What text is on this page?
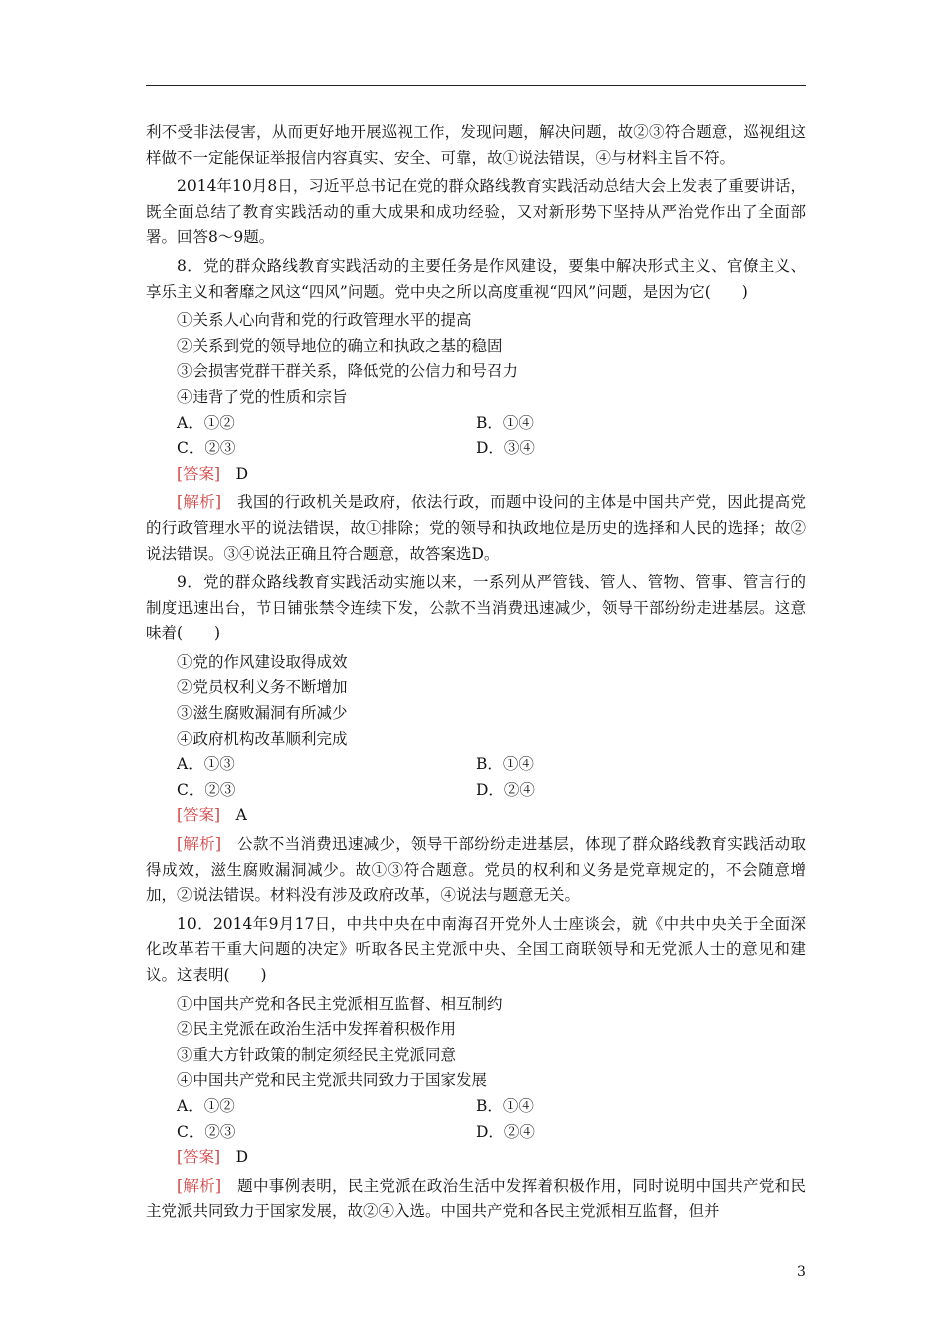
利不受非法侵害，从而更好地开展巡视工作，发现问题，解决问题，故②③符合题意，巡视组这样做不一定能保证举报信内容真实、安全、可靠，故①说法错误，④与材料主旨不符。

2014年10月8日，习近平总书记在党的群众路线教育实践活动总结大会上发表了重要讲话，既全面总结了教育实践活动的重大成果和成功经验，又对新形势下坚持从严治党作出了全面部署。回答8～9题。

8．党的群众路线教育实践活动的主要任务是作风建设，要集中解决形式主义、官僚主义、享乐主义和奢靡之风这“四风”问题。党中央之所以高度重视“四风”问题，是因为它(　　)

①关系人心向背和党的行政管理水平的提高
②关系到党的领导地位的确立和执政之基的稳固
③会损害党群干群关系，降低党的公信力和号召力
④违背了党的性质和宗旨
A．①②	B．①④
C．②③	D．③④

[答案]　 D

[解析]　 我国的行政机关是政府，依法行政，而题中设问的主体是中国共产党，因此提高党的行政管理水平的说法错误，故①排除；党的领导和执政地位是历史的选择和人民的选择；故②说法错误。③④说法正确且符合题意，故答案选D。

9．党的群众路线教育实践活动实施以来，一系列从严管钱、管人、管物、管事、管言行的制度迅速出台，节日铺张禁令连续下发，公款不当消费迅速减少，领导干部纷纷走进基层。这意味着(　　)

①党的作风建设取得成效
②党员权利义务不断增加
③滋生腐败漏洞有所减少
④政府机构改革顺利完成
A．①③	B．①④
C．②③	D．②④

[答案]　 A

[解析]　 公款不当消费迅速减少，领导干部纷纷走进基层，体现了群众路线教育实践活动取得成效，滋生腐败漏洞减少。故①③符合题意。党员的权利和义务是党章规定的，不会随意增加，②说法错误。材料没有涉及政府改革，④说法与题意无关。

10．2014年9月17日，中共中央在中南海召开党外人士座谈会，就《中共中央关于全面深化改革若干重大问题的决定》听取各民主党派中央、全国工商联领导和无党派人士的意见和建议。这表明(　　)

①中国共产党和各民主党派相互监督、相互制约
②民主党派在政治生活中发挥着积极作用
③重大方针政策的制定须经民主党派同意
④中国共产党和民主党派共同致力于国家发展
A．①②	B．①④
C．②③	D．②④

[答案]　 D

[解析]　 题中事例表明，民主党派在政治生活中发挥着积极作用，同时说明中国共产党和民主党派共同致力于国家发展，故②④入选。中国共产党和各民主党派相互监督，但并

3
